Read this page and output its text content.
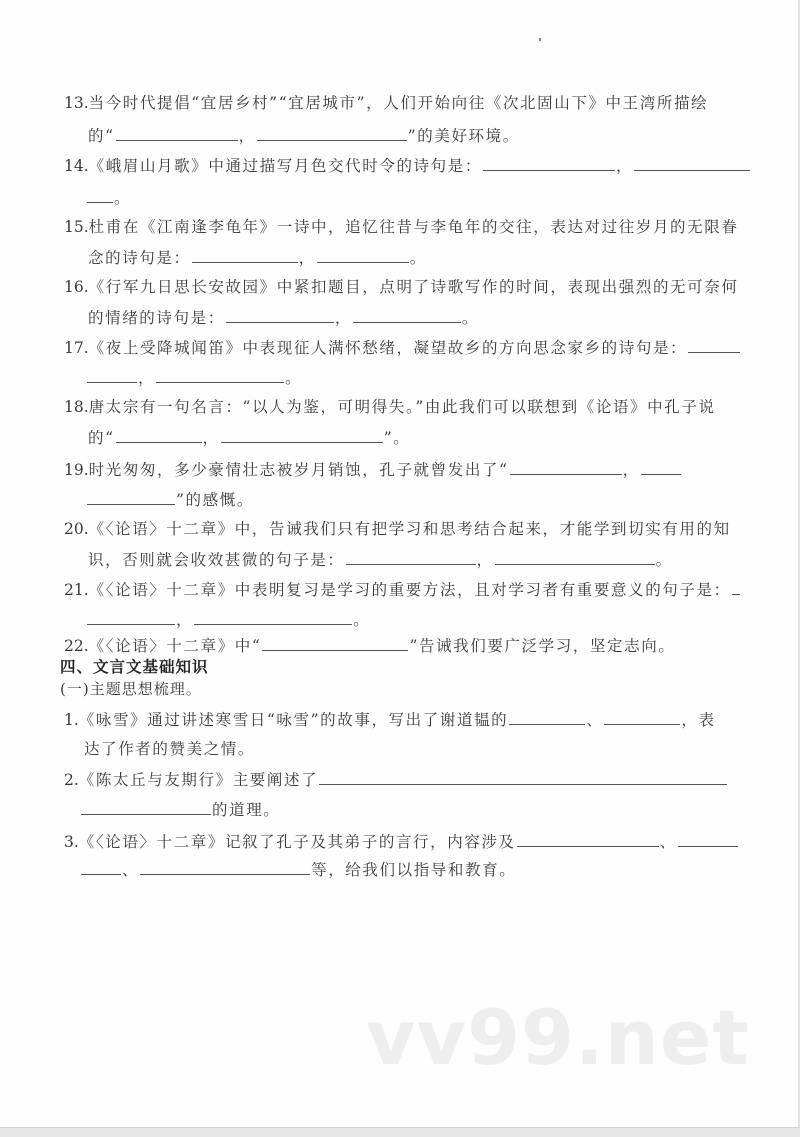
13.当今时代提倡“宜居乡村”“宜居城市”，人们开始向往《次北固山下》中王湾所描绘
的“	，	”的美好环境。
14.《峨眉山月歌》中通过描写月色交代时令的诗句是：	，
。
15.杜甫在《江南逢李龟年》一诗中，追忆往昔与李龟年的交往，表达对过往岁月的无限眷
念的诗句是：	，	。
16.《行军九日思长安故园》中紧扣题目，点明了诗歌写作的时间，表现出强烈的无可奈何
的情绪的诗句是：	，	。
17.《夜上受降城闻笛》中表现征人满怀愁绪，凝望故乡的方向思念家乡的诗句是：
，	。
18.唐太宗有一句名言：“以人为鉴，可明得失。”由此我们可以联想到《论语》中孔子说
的“	，	”。
19.时光匆匆，多少豪情壮志被岁月销蚀，孔子就曾发出了“	，
”的感慨。
20.《〈论语〉十二章》中，告诫我们只有把学习和思考结合起来，才能学到切实有用的知
识，否则就会收效甚微的句子是：	，	。
21.《〈论语〉十二章》中表明复习是学习的重要方法，且对学习者有重要意义的句子是：
，	。
22.《〈论语〉十二章》中“	”告诫我们要广泛学习，坚定志向。
四、文言文基础知识
(一)主题思想梳理。
1.《咏雪》通过讲述寒雪日“咏雪”的故事，写出了谢道韫的	、	，表
达了作者的赞美之情。
2.《陈太丘与友期行》主要阐述了
的道理。
3.《〈论语〉十二章》记叙了孔子及其弟子的言行，内容涉及	、
、	等，给我们以指导和教育。
vv99.net
